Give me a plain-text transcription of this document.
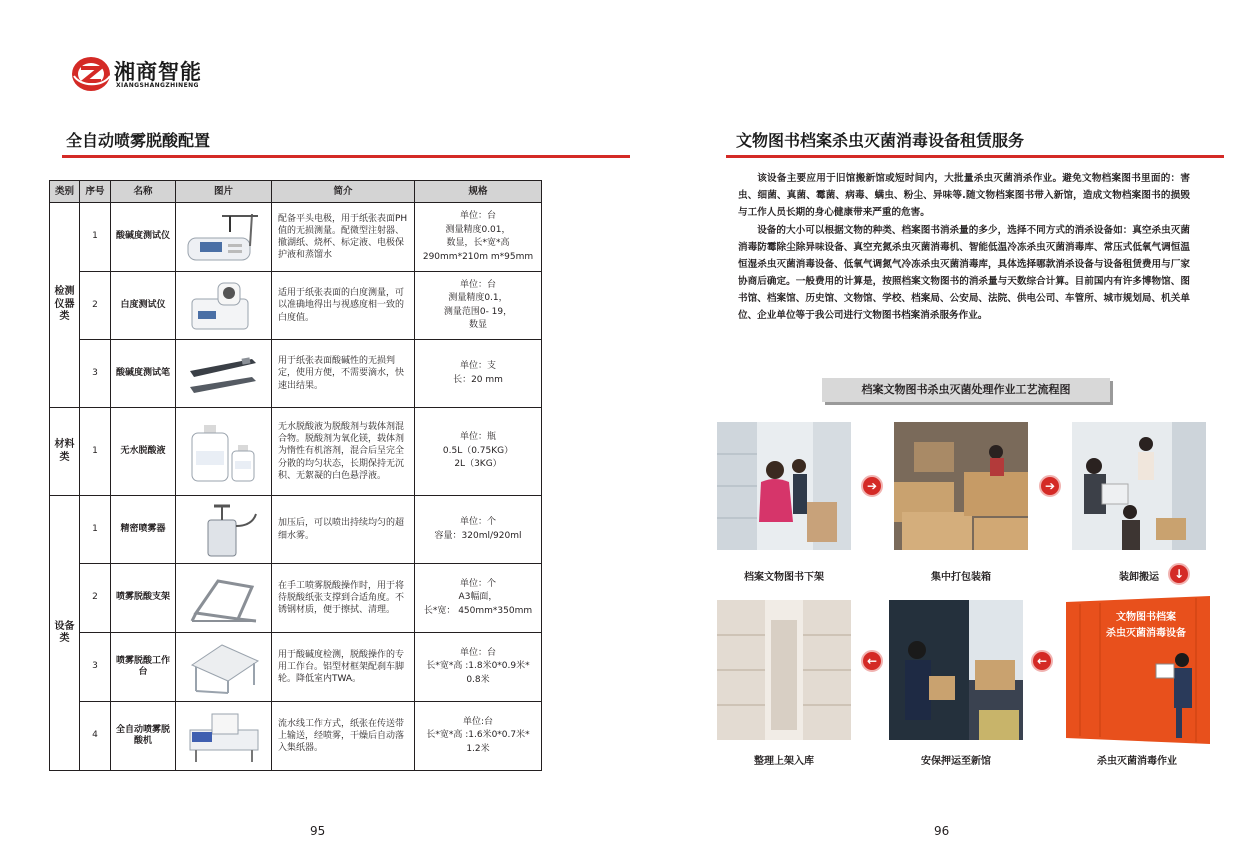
湘商智能
XIANGSHANGZHINENG
全自动喷雾脱酸配置
类别	序号	名称	图片	简介	规格
检测仪器类	1	酸碱度测试仪		配备平头电极，用于纸张表面PH值的无损测量。配微型注射器、撤湖纸、烧杯、标定液、电极保护液和蒸馏水	单位：台
测量精度0.01，
数显，长*宽*高
290mm*210m m*95mm

	2	白度测试仪		适用于纸张表面的白度测量，可以准确地得出与视感度相一致的白度值。	单位：台
测量精度0.1，
测量范围0- 19，
数显

	3	酸碱度测试笔		用于纸张表面酸碱性的无损判定，使用方便，不需要滴水，快速出结果。	单位：支
长：20 mm

材料类	1	无水脱酸液		无水脱酸液为脱酸剂与载体剂混合物。脱酸剂为氧化镁，载体剂为惰性有机溶剂，混合后呈完全分散的均匀状态，长期保持无沉积、无絮凝的白色悬浮液。	单位：瓶
0.5L（0.75KG）
2L（3KG）

设备类	1	精密喷雾器		加压后，可以喷出持续均匀的超细水雾。	单位：个
容量：320ml/920ml

	2	喷雾脱酸支架		在手工喷雾脱酸操作时，用于将待脱酸纸张支撑到合适角度。不锈钢材质，便于擦拭、清理。	单位：个
A3幅面，
长*宽： 450mm*350mm

	3	喷雾脱酸工作台		用于酸碱度检测，脱酸操作的专用工作台。铝型材框架配刹车脚轮。降低室内TWA。	单位：台
长*宽*高 :1.8米0*0.9米*
0.8米

	4	全自动喷雾脱酸机		流水线工作方式，纸张在传送带上输送，经喷雾，干燥后自动落入集纸器。	单位:台
长*宽*高 :1.6米0*0.7米*
1.2米
95
文物图书档案杀虫灭菌消毒设备租赁服务

该设备主要应用于旧馆搬新馆或短时间内，大批量杀虫灭菌消杀作业。避免文物档案图书里面的：害虫、细菌、真菌、霉菌、病毒、螨虫、粉尘、异味等.随文物档案图书带入新馆，造成文物档案图书的损毁与工作人员长期的身心健康带来严重的危害。

设备的大小可以根据文物的种类、档案图书消杀量的多少，选择不同方式的消杀设备如：真空杀虫灭菌消毒防霉除尘除异味设备、真空充氮杀虫灭菌消毒机、智能低温冷冻杀虫灭菌消毒库、常压式低氧气调恒温恒湿杀虫灭菌消毒设备、低氧气调氮气冷冻杀虫灭菌消毒库，具体选择哪款消杀设备与设备租赁费用与厂家协商后确定。一般费用的计算是，按照档案文物图书的消杀量与天数综合计算。目前国内有许多博物馆、图书馆、档案馆、历史馆、文物馆、学校、档案局、公安局、法院、供电公司、车管所、城市规划局、机关单位、企业单位等于我公司进行文物图书档案消杀服务作业。

档案文物图书杀虫灭菌处理作业工艺流程图
➔	➔
档案文物图书下架	集中打包装箱	装卸搬运	↓
←	←
文物图书档案
杀虫灭菌消毒设备
整理上架入库	安保押运至新馆	杀虫灭菌消毒作业
96
